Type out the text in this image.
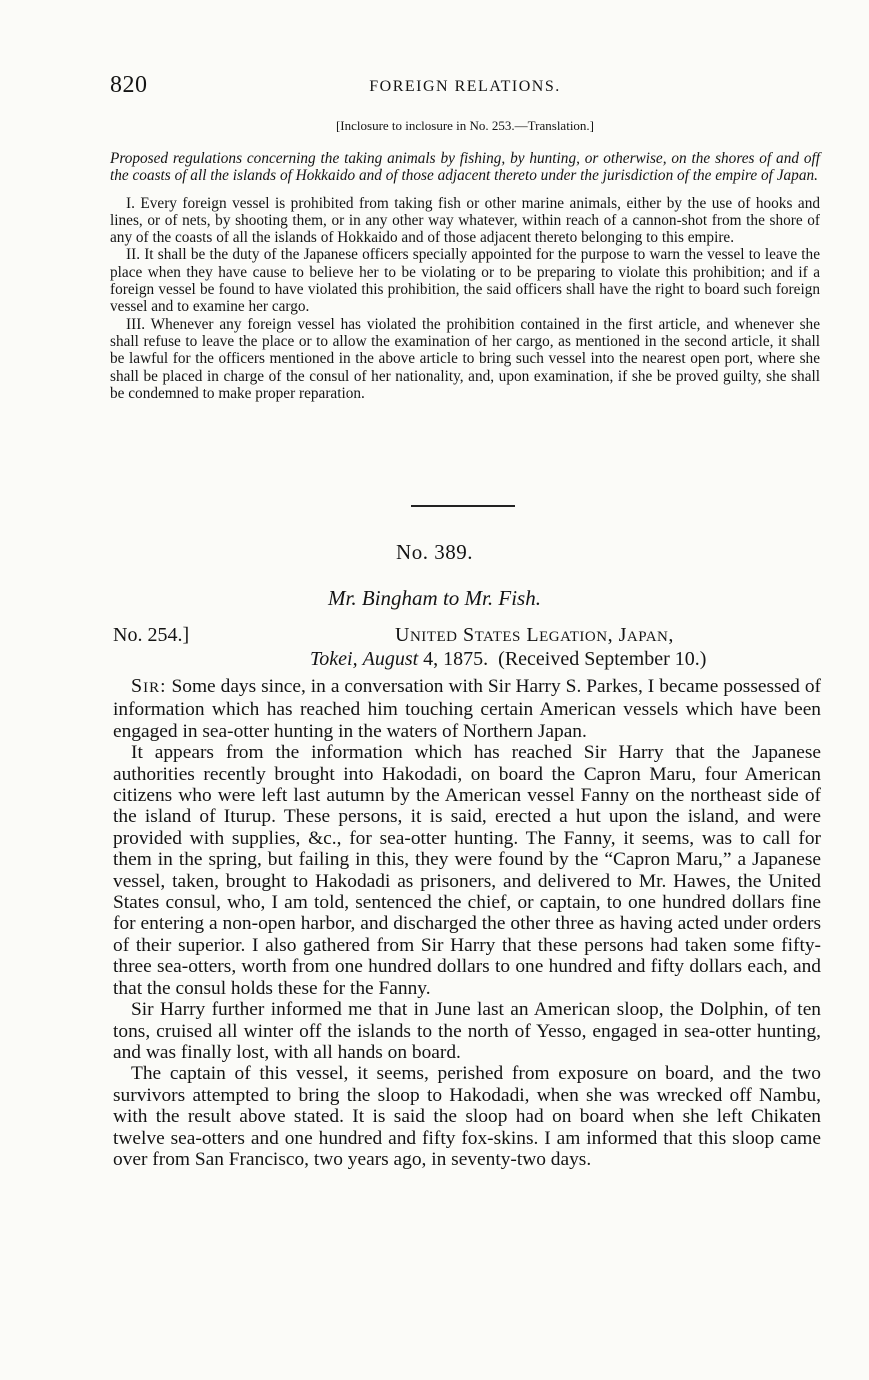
820	FOREIGN RELATIONS.
[Inclosure to inclosure in No. 253.—Translation.]

Proposed regulations concerning the taking animals by fishing, by hunting, or otherwise, on the shores of and off the coasts of all the islands of Hokkaido and of those adjacent thereto under the jurisdiction of the empire of Japan.

I. Every foreign vessel is prohibited from taking fish or other marine animals, either by the use of hooks and lines, or of nets, by shooting them, or in any other way whatever, within reach of a cannon-shot from the shore of any of the coasts of all the islands of Hokkaido and of those adjacent thereto belonging to this empire.

II. It shall be the duty of the Japanese officers specially appointed for the purpose to warn the vessel to leave the place when they have cause to believe her to be violating or to be preparing to violate this prohibition; and if a foreign vessel be found to have violated this prohibition, the said officers shall have the right to board such foreign vessel and to examine her cargo.

III. Whenever any foreign vessel has violated the prohibition contained in the first article, and whenever she shall refuse to leave the place or to allow the examination of her cargo, as mentioned in the second article, it shall be lawful for the officers mentioned in the above article to bring such vessel into the nearest open port, where she shall be placed in charge of the consul of her nationality, and, upon examination, if she be proved guilty, she shall be condemned to make proper reparation.

No. 389.
Mr. Bingham to Mr. Fish.
No. 254.]	UNITED STATES LEGATION, JAPAN,
Tokei, August 4, 1875. (Received September 10.)

SIR: Some days since, in a conversation with Sir Harry S. Parkes, I became possessed of information which has reached him touching certain American vessels which have been engaged in sea-otter hunting in the waters of Northern Japan.

It appears from the information which has reached Sir Harry that the Japanese authorities recently brought into Hakodadi, on board the Capron Maru, four American citizens who were left last autumn by the American vessel Fanny on the northeast side of the island of Iturup. These persons, it is said, erected a hut upon the island, and were provided with supplies, &c., for sea-otter hunting. The Fanny, it seems, was to call for them in the spring, but failing in this, they were found by the “Capron Maru,” a Japanese vessel, taken, brought to Hakodadi as prisoners, and delivered to Mr. Hawes, the United States consul, who, I am told, sentenced the chief, or captain, to one hundred dollars fine for entering a non-open harbor, and discharged the other three as having acted under orders of their superior. I also gathered from Sir Harry that these persons had taken some fifty-three sea-otters, worth from one hundred dollars to one hundred and fifty dollars each, and that the consul holds these for the Fanny.

Sir Harry further informed me that in June last an American sloop, the Dolphin, of ten tons, cruised all winter off the islands to the north of Yesso, engaged in sea-otter hunting, and was finally lost, with all hands on board.

The captain of this vessel, it seems, perished from exposure on board, and the two survivors attempted to bring the sloop to Hakodadi, when she was wrecked off Nambu, with the result above stated. It is said the sloop had on board when she left Chikaten twelve sea-otters and one hundred and fifty fox-skins. I am informed that this sloop came over from San Francisco, two years ago, in seventy-two days.
